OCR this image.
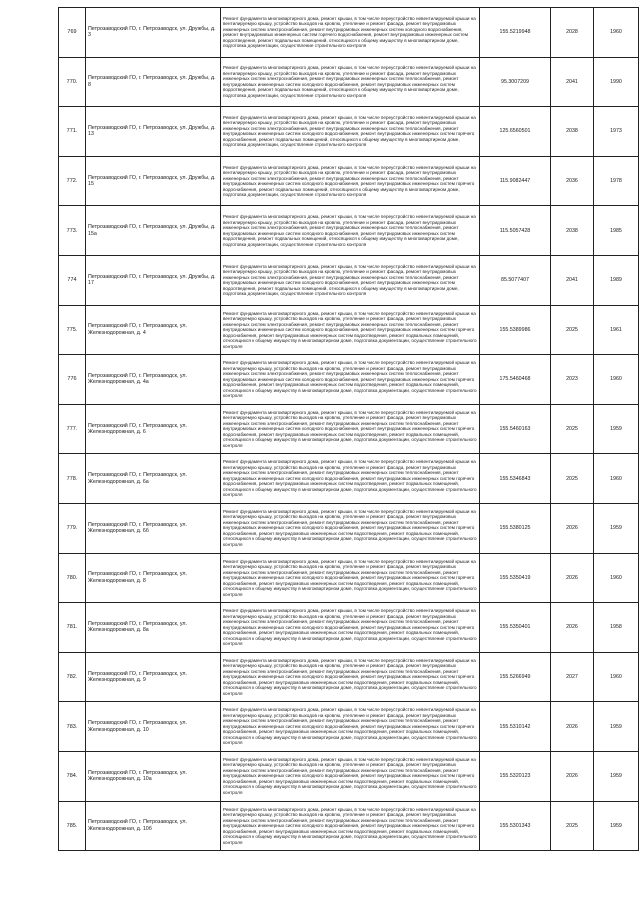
769	Петрозаводский ГО, г. Петрозаводск, ул. Дружбы, д. 3	Ремонт фундамента многоквартирного дома, ремонт крыши, в том числе переустройство невентилируемой крыши на вентилируемую крышу, устройство выходов на кровлю, утепление и ремонт фасада, ремонт внутридомовых инженерных систем электроснабжения, ремонт внутридомовых инженерных систем холодного водоснабжения, ремонт внутридомовых инженерных систем горячего водоснабжения, ремонт внутридомовых инженерных систем водоотведения, ремонт подвальных помещений, относящихся к общему имуществу в многоквартирном доме, подготовка документации, осуществление строительного контроля	155.5219948	2028	1960
770.	Петрозаводский ГО, г. Петрозаводск, ул. Дружбы, д. 8	Ремонт фундамента многоквартирного дома, ремонт крыши, в том числе переустройство невентилируемой крыши на вентилируемую крышу, устройство выходов на кровлю, утепление и ремонт фасада, ремонт внутридомовых инженерных систем электроснабжения, ремонт внутридомовых инженерных систем теплоснабжения, ремонт внутридомовых инженерных систем холодного водоснабжения, ремонт внутридомовых инженерных систем водоотведения, ремонт подвальных помещений, относящихся к общему имуществу в многоквартирном доме, подготовка документации, осуществление строительного контроля	95.3007209	2041	1990
771.	Петрозаводский ГО, г. Петрозаводск, ул. Дружбы, д. 13	Ремонт фундамента многоквартирного дома, ремонт крыши, в том числе переустройство невентилируемой крыши на вентилируемую крышу, устройство выходов на кровлю, утепление и ремонт фасада, ремонт внутридомовых инженерных систем электроснабжения, ремонт внутридомовых инженерных систем теплоснабжения, ремонт внутридомовых инженерных систем холодного водоснабжения, ремонт внутридомовых инженерных систем горячего водоснабжения, ремонт подвальных помещений, относящихся к общему имуществу в многоквартирном доме, подготовка документации, осуществление строительного контроля	125.6560501	2038	1973
772.	Петрозаводский ГО, г. Петрозаводск, ул. Дружбы, д. 15	Ремонт фундамента многоквартирного дома, ремонт крыши, в том числе переустройство невентилируемой крыши на вентилируемую крышу, устройство выходов на кровлю, утепление и ремонт фасада, ремонт внутридомовых инженерных систем электроснабжения, ремонт внутридомовых инженерных систем теплоснабжения, ремонт внутридомовых инженерных систем холодного водоснабжения, ремонт внутридомовых инженерных систем горячего водоснабжения, ремонт подвальных помещений, относящихся к общему имуществу в многоквартирном доме, подготовка документации, осуществление строительного контроля	115.9082447	2036	1978
773.	Петрозаводский ГО, г. Петрозаводск, ул. Дружбы, д. 15а	Ремонт фундамента многоквартирного дома, ремонт крыши, в том числе переустройство невентилируемой крыши на вентилируемую крышу, устройство выходов на кровлю, утепление и ремонт фасада, ремонт внутридомовых инженерных систем электроснабжения, ремонт внутридомовых инженерных систем теплоснабжения, ремонт внутридомовых инженерных систем холодного водоснабжения, ремонт внутридомовых инженерных систем водоотведения, ремонт подвальных помещений, относящихся к общему имуществу в многоквартирном доме, подготовка документации, осуществление строительного контроля	115.5057428	2038	1985
774	Петрозаводский ГО, г. Петрозаводск, ул. Дружбы, д. 17	Ремонт фундамента многоквартирного дома, ремонт крыши, в том числе переустройство невентилируемой крыши на вентилируемую крышу, устройство выходов на кровлю, утепление и ремонт фасада, ремонт внутридомовых инженерных систем электроснабжения, ремонт внутридомовых инженерных систем теплоснабжения, ремонт внутридомовых инженерных систем холодного водоснабжения, ремонт внутридомовых инженерных систем водоотведения, ремонт подвальных помещений, относящихся к общему имуществу в многоквартирном доме, подготовка документации, осуществление строительного контроля	85.5077407	2041	1989
775.	Петрозаводский ГО, г. Петрозаводск, ул. Железнодорожная, д. 4	Ремонт фундамента многоквартирного дома, ремонт крыши, в том числе переустройство невентилируемой крыши на вентилируемую крышу, устройство выходов на кровлю, утепление и ремонт фасада, ремонт внутридомовых инженерных систем электроснабжения, ремонт внутридомовых инженерных систем теплоснабжения, ремонт внутридомовых инженерных систем холодного водоснабжения, ремонт внутридомовых инженерных систем горячего водоснабжения, ремонт внутридомовых инженерных систем водоотведения, ремонт подвальных помещений, относящихся к общему имуществу в многоквартирном доме, подготовка документации, осуществление строительного контроля	155.5389986	2025	1961
776	Петрозаводский ГО, г. Петрозаводск, ул. Железнодорожная, д. 4а	Ремонт фундамента многоквартирного дома, ремонт крыши, в том числе переустройство невентилируемой крыши на вентилируемую крышу, устройство выходов на кровлю, утепление и ремонт фасада, ремонт внутридомовых инженерных систем электроснабжения, ремонт внутридомовых инженерных систем теплоснабжения, ремонт внутридомовых инженерных систем холодного водоснабжения, ремонт внутридомовых инженерных систем горячего водоснабжения, ремонт внутридомовых инженерных систем водоотведения, ремонт подвальных помещений, относящихся к общему имуществу в многоквартирном доме, подготовка документации, осуществление строительного контроля	175.5460468	2023	1960
777.	Петрозаводский ГО, г. Петрозаводск, ул. Железнодорожная, д. 6	Ремонт фундамента многоквартирного дома, ремонт крыши, в том числе переустройство невентилируемой крыши на вентилируемую крышу, устройство выходов на кровлю, утепление и ремонт фасада, ремонт внутридомовых инженерных систем электроснабжения, ремонт внутридомовых инженерных систем теплоснабжения, ремонт внутридомовых инженерных систем холодного водоснабжения, ремонт внутридомовых инженерных систем горячего водоснабжения, ремонт внутридомовых инженерных систем водоотведения, ремонт подвальных помещений, относящихся к общему имуществу в многоквартирном доме, подготовка документации, осуществление строительного контроля	155.5460163	2025	1959
778.	Петрозаводский ГО, г. Петрозаводск, ул. Железнодорожная, д. 6а	Ремонт фундамента многоквартирного дома, ремонт крыши, в том числе переустройство невентилируемой крыши на вентилируемую крышу, устройство выходов на кровлю, утепление и ремонт фасада, ремонт внутридомовых инженерных систем электроснабжения, ремонт внутридомовых инженерных систем теплоснабжения, ремонт внутридомовых инженерных систем холодного водоснабжения, ремонт внутридомовых инженерных систем горячего водоснабжения, ремонт внутридомовых инженерных систем водоотведения, ремонт подвальных помещений, относящихся к общему имуществу в многоквартирном доме, подготовка документации, осуществление строительного контроля	155.5346843	2025	1960
779.	Петрозаводский ГО, г. Петрозаводск, ул. Железнодорожная, д. 6б	Ремонт фундамента многоквартирного дома, ремонт крыши, в том числе переустройство невентилируемой крыши на вентилируемую крышу, устройство выходов на кровлю, утепление и ремонт фасада, ремонт внутридомовых инженерных систем электроснабжения, ремонт внутридомовых инженерных систем теплоснабжения, ремонт внутридомовых инженерных систем холодного водоснабжения, ремонт внутридомовых инженерных систем горячего водоснабжения, ремонт внутридомовых инженерных систем водоотведения, ремонт подвальных помещений, относящихся к общему имуществу в многоквартирном доме, подготовка документации, осуществление строительного контроля	155.5380125	2026	1959
780.	Петрозаводский ГО, г. Петрозаводск, ул. Железнодорожная, д. 8	Ремонт фундамента многоквартирного дома, ремонт крыши, в том числе переустройство невентилируемой крыши на вентилируемую крышу, устройство выходов на кровлю, утепление и ремонт фасада, ремонт внутридомовых инженерных систем электроснабжения, ремонт внутридомовых инженерных систем теплоснабжения, ремонт внутридомовых инженерных систем холодного водоснабжения, ремонт внутридомовых инженерных систем горячего водоснабжения, ремонт внутридомовых инженерных систем водоотведения, ремонт подвальных помещений, относящихся к общему имуществу в многоквартирном доме, подготовка документации, осуществление строительного контроля	155.5350419	2026	1960
781.	Петрозаводский ГО, г. Петрозаводск, ул. Железнодорожная, д. 8а	Ремонт фундамента многоквартирного дома, ремонт крыши, в том числе переустройство невентилируемой крыши на вентилируемую крышу, устройство выходов на кровлю, утепление и ремонт фасада, ремонт внутридомовых инженерных систем электроснабжения, ремонт внутридомовых инженерных систем теплоснабжения, ремонт внутридомовых инженерных систем холодного водоснабжения, ремонт внутридомовых инженерных систем горячего водоснабжения, ремонт внутридомовых инженерных систем водоотведения, ремонт подвальных помещений, относящихся к общему имуществу в многоквартирном доме, подготовка документации, осуществление строительного контроля	155.5350401	2026	1958
782.	Петрозаводский ГО, г. Петрозаводск, ул. Железнодорожная, д. 9	Ремонт фундамента многоквартирного дома, ремонт крыши, в том числе переустройство невентилируемой крыши на вентилируемую крышу, устройство выходов на кровлю, утепление и ремонт фасада, ремонт внутридомовых инженерных систем электроснабжения, ремонт внутридомовых инженерных систем теплоснабжения, ремонт внутридомовых инженерных систем холодного водоснабжения, ремонт внутридомовых инженерных систем горячего водоснабжения, ремонт внутридомовых инженерных систем водоотведения, ремонт подвальных помещений, относящихся к общему имуществу в многоквартирном доме, подготовка документации, осуществление строительного контроля	155.5266949	2027	1960
783.	Петрозаводский ГО, г. Петрозаводск, ул. Железнодорожная, д. 10	Ремонт фундамента многоквартирного дома, ремонт крыши, в том числе переустройство невентилируемой крыши на вентилируемую крышу, устройство выходов на кровлю, утепление и ремонт фасада, ремонт внутридомовых инженерных систем электроснабжения, ремонт внутридомовых инженерных систем теплоснабжения, ремонт внутридомовых инженерных систем холодного водоснабжения, ремонт внутридомовых инженерных систем горячего водоснабжения, ремонт внутридомовых инженерных систем водоотведения, ремонт подвальных помещений, относящихся к общему имуществу в многоквартирном доме, подготовка документации, осуществление строительного контроля	155.5310142	2026	1959
784.	Петрозаводский ГО, г. Петрозаводск, ул. Железнодорожная, д. 10а	Ремонт фундамента многоквартирного дома, ремонт крыши, в том числе переустройство невентилируемой крыши на вентилируемую крышу, устройство выходов на кровлю, утепление и ремонт фасада, ремонт внутридомовых инженерных систем электроснабжения, ремонт внутридомовых инженерных систем теплоснабжения, ремонт внутридомовых инженерных систем холодного водоснабжения, ремонт внутридомовых инженерных систем горячего водоснабжения, ремонт внутридомовых инженерных систем водоотведения, ремонт подвальных помещений, относящихся к общему имуществу в многоквартирном доме, подготовка документации, осуществление строительного контроля	155.5320123	2026	1959
785.	Петрозаводский ГО, г. Петрозаводск, ул. Железнодорожная, д. 10б	Ремонт фундамента многоквартирного дома, ремонт крыши, в том числе переустройство невентилируемой крыши на вентилируемую крышу, устройство выходов на кровлю, утепление и ремонт фасада, ремонт внутридомовых инженерных систем электроснабжения, ремонт внутридомовых инженерных систем теплоснабжения, ремонт внутридомовых инженерных систем холодного водоснабжения, ремонт внутридомовых инженерных систем горячего водоснабжения, ремонт внутридомовых инженерных систем водоотведения, ремонт подвальных помещений, относящихся к общему имуществу в многоквартирном доме, подготовка документации, осуществление строительного контроля	155.5301343	2025	1959
